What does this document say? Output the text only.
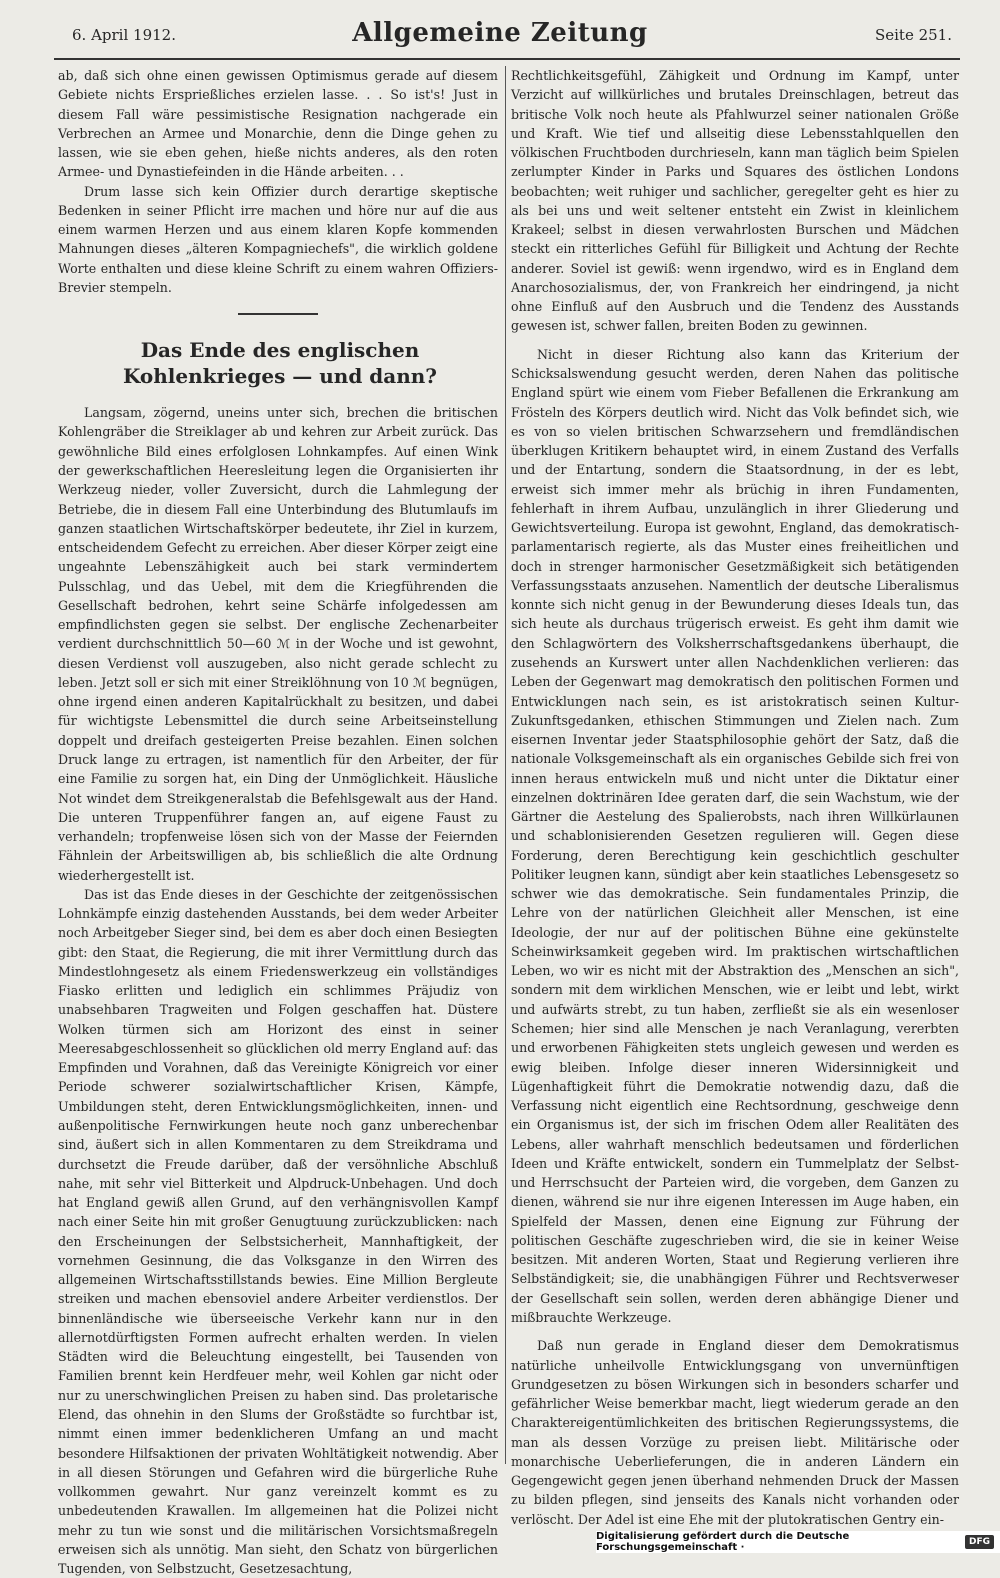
6. April 1912.	Allgemeine Zeitung	Seite 251.

ab, daß sich ohne einen gewissen Optimismus gerade auf diesem Gebiete nichts Ersprießliches erzielen lasse. . . So ist's! Just in diesem Fall wäre pessimistische Resignation nachgerade ein Verbrechen an Armee und Monarchie, denn die Dinge gehen zu lassen, wie sie eben gehen, hieße nichts anderes, als den roten Armee- und Dynastiefeinden in die Hände arbeiten. . .

Drum lasse sich kein Offizier durch derartige skeptische Bedenken in seiner Pflicht irre machen und höre nur auf die aus einem warmen Herzen und aus einem klaren Kopfe kommenden Mahnungen dieses „älteren Kompagniechefs", die wirklich goldene Worte enthalten und diese kleine Schrift zu einem wahren Offiziers-Brevier stempeln.

Das Ende des englischen Kohlenkrieges — und dann?

Langsam, zögernd, uneins unter sich, brechen die britischen Kohlengräber die Streiklager ab und kehren zur Arbeit zurück. Das gewöhnliche Bild eines erfolglosen Lohnkampfes. Auf einen Wink der gewerkschaftlichen Heeresleitung legen die Organisierten ihr Werkzeug nieder, voller Zuversicht, durch die Lahmlegung der Betriebe, die in diesem Fall eine Unterbindung des Blutumlaufs im ganzen staatlichen Wirtschaftskörper bedeutete, ihr Ziel in kurzem, entscheidendem Gefecht zu erreichen. Aber dieser Körper zeigt eine ungeahnte Lebenszähigkeit auch bei stark vermindertem Pulsschlag, und das Uebel, mit dem die Kriegführenden die Gesellschaft bedrohen, kehrt seine Schärfe infolgedessen am empfindlichsten gegen sie selbst. Der englische Zechenarbeiter verdient durchschnittlich 50—60 ℳ in der Woche und ist gewohnt, diesen Verdienst voll auszugeben, also nicht gerade schlecht zu leben. Jetzt soll er sich mit einer Streiklöhnung von 10 ℳ begnügen, ohne irgend einen anderen Kapitalrückhalt zu besitzen, und dabei für wichtigste Lebensmittel die durch seine Arbeitseinstellung doppelt und dreifach gesteigerten Preise bezahlen. Einen solchen Druck lange zu ertragen, ist namentlich für den Arbeiter, der für eine Familie zu sorgen hat, ein Ding der Unmöglichkeit. Häusliche Not windet dem Streikgeneralstab die Befehlsgewalt aus der Hand. Die unteren Truppenführer fangen an, auf eigene Faust zu verhandeln; tropfenweise lösen sich von der Masse der Feiernden Fähnlein der Arbeitswilligen ab, bis schließlich die alte Ordnung wiederhergestellt ist.

Das ist das Ende dieses in der Geschichte der zeitgenössischen Lohnkämpfe einzig dastehenden Ausstands, bei dem weder Arbeiter noch Arbeitgeber Sieger sind, bei dem es aber doch einen Besiegten gibt: den Staat, die Regierung, die mit ihrer Vermittlung durch das Mindestlohngesetz als einem Friedenswerkzeug ein vollständiges Fiasko erlitten und lediglich ein schlimmes Präjudiz von unabsehbaren Tragweiten und Folgen geschaffen hat. Düstere Wolken türmen sich am Horizont des einst in seiner Meeresabgeschlossenheit so glücklichen old merry England auf: das Empfinden und Vorahnen, daß das Vereinigte Königreich vor einer Periode schwerer sozialwirtschaftlicher Krisen, Kämpfe, Umbildungen steht, deren Entwicklungsmöglichkeiten, innen- und außenpolitische Fernwirkungen heute noch ganz unberechenbar sind, äußert sich in allen Kommentaren zu dem Streikdrama und durchsetzt die Freude darüber, daß der versöhnliche Abschluß nahe, mit sehr viel Bitterkeit und Alpdruck-Unbehagen. Und doch hat England gewiß allen Grund, auf den verhängnisvollen Kampf nach einer Seite hin mit großer Genugtuung zurückzublicken: nach den Erscheinungen der Selbstsicherheit, Mannhaftigkeit, der vornehmen Gesinnung, die das Volksganze in den Wirren des allgemeinen Wirtschaftsstillstands bewies. Eine Million Bergleute streiken und machen ebensoviel andere Arbeiter verdienstlos. Der binnenländische wie überseeische Verkehr kann nur in den allernotdürftigsten Formen aufrecht erhalten werden. In vielen Städten wird die Beleuchtung eingestellt, bei Tausenden von Familien brennt kein Herdfeuer mehr, weil Kohlen gar nicht oder nur zu unerschwinglichen Preisen zu haben sind. Das proletarische Elend, das ohnehin in den Slums der Großstädte so furchtbar ist, nimmt einen immer bedenklicheren Umfang an und macht besondere Hilfsaktionen der privaten Wohltätigkeit notwendig. Aber in all diesen Störungen und Gefahren wird die bürgerliche Ruhe vollkommen gewahrt. Nur ganz vereinzelt kommt es zu unbedeutenden Krawallen. Im allgemeinen hat die Polizei nicht mehr zu tun wie sonst und die militärischen Vorsichtsmaßregeln erweisen sich als unnötig. Man sieht, den Schatz von bürgerlichen Tugenden, von Selbstzucht, Gesetzesachtung,

Rechtlichkeitsgefühl, Zähigkeit und Ordnung im Kampf, unter Verzicht auf willkürliches und brutales Dreinschlagen, betreut das britische Volk noch heute als Pfahlwurzel seiner nationalen Größe und Kraft. Wie tief und allseitig diese Lebensstahlquellen den völkischen Fruchtboden durchrieseln, kann man täglich beim Spielen zerlumpter Kinder in Parks und Squares des östlichen Londons beobachten; weit ruhiger und sachlicher, geregelter geht es hier zu als bei uns und weit seltener entsteht ein Zwist in kleinlichem Krakeel; selbst in diesen verwahrlosten Burschen und Mädchen steckt ein ritterliches Gefühl für Billigkeit und Achtung der Rechte anderer. Soviel ist gewiß: wenn irgendwo, wird es in England dem Anarchosozialismus, der, von Frankreich her eindringend, ja nicht ohne Einfluß auf den Ausbruch und die Tendenz des Ausstands gewesen ist, schwer fallen, breiten Boden zu gewinnen.

Nicht in dieser Richtung also kann das Kriterium der Schicksalswendung gesucht werden, deren Nahen das politische England spürt wie einem vom Fieber Befallenen die Erkrankung am Frösteln des Körpers deutlich wird. Nicht das Volk befindet sich, wie es von so vielen britischen Schwarzsehern und fremdländischen überklugen Kritikern behauptet wird, in einem Zustand des Verfalls und der Entartung, sondern die Staatsordnung, in der es lebt, erweist sich immer mehr als brüchig in ihren Fundamenten, fehlerhaft in ihrem Aufbau, unzulänglich in ihrer Gliederung und Gewichtsverteilung. Europa ist gewohnt, England, das demokratisch-parlamentarisch regierte, als das Muster eines freiheitlichen und doch in strenger harmonischer Gesetzmäßigkeit sich betätigenden Verfassungsstaats anzusehen. Namentlich der deutsche Liberalismus konnte sich nicht genug in der Bewunderung dieses Ideals tun, das sich heute als durchaus trügerisch erweist. Es geht ihm damit wie den Schlagwörtern des Volksherrschaftsgedankens überhaupt, die zusehends an Kurswert unter allen Nachdenklichen verlieren: das Leben der Gegenwart mag demokratisch den politischen Formen und Entwicklungen nach sein, es ist aristokratisch seinen Kultur-Zukunftsgedanken, ethischen Stimmungen und Zielen nach. Zum eisernen Inventar jeder Staatsphilosophie gehört der Satz, daß die nationale Volksgemeinschaft als ein organisches Gebilde sich frei von innen heraus entwickeln muß und nicht unter die Diktatur einer einzelnen doktrinären Idee geraten darf, die sein Wachstum, wie der Gärtner die Aestelung des Spalierobsts, nach ihren Willkürlaunen und schablonisierenden Gesetzen regulieren will. Gegen diese Forderung, deren Berechtigung kein geschichtlich geschulter Politiker leugnen kann, sündigt aber kein staatliches Lebensgesetz so schwer wie das demokratische. Sein fundamentales Prinzip, die Lehre von der natürlichen Gleichheit aller Menschen, ist eine Ideologie, der nur auf der politischen Bühne eine gekünstelte Scheinwirksamkeit gegeben wird. Im praktischen wirtschaftlichen Leben, wo wir es nicht mit der Abstraktion des „Menschen an sich", sondern mit dem wirklichen Menschen, wie er leibt und lebt, wirkt und aufwärts strebt, zu tun haben, zerfließt sie als ein wesenloser Schemen; hier sind alle Menschen je nach Veranlagung, vererbten und erworbenen Fähigkeiten stets ungleich gewesen und werden es ewig bleiben. Infolge dieser inneren Widersinnigkeit und Lügenhaftigkeit führt die Demokratie notwendig dazu, daß die Verfassung nicht eigentlich eine Rechtsordnung, geschweige denn ein Organismus ist, der sich im frischen Odem aller Realitäten des Lebens, aller wahrhaft menschlich bedeutsamen und förderlichen Ideen und Kräfte entwickelt, sondern ein Tummelplatz der Selbst- und Herrschsucht der Parteien wird, die vorgeben, dem Ganzen zu dienen, während sie nur ihre eigenen Interessen im Auge haben, ein Spielfeld der Massen, denen eine Eignung zur Führung der politischen Geschäfte zugeschrieben wird, die sie in keiner Weise besitzen. Mit anderen Worten, Staat und Regierung verlieren ihre Selbständigkeit; sie, die unabhängigen Führer und Rechtsverweser der Gesellschaft sein sollen, werden deren abhängige Diener und mißbrauchte Werkzeuge.

Daß nun gerade in England dieser dem Demokratismus natürliche unheilvolle Entwicklungsgang von unvernünftigen Grundgesetzen zu bösen Wirkungen sich in besonders scharfer und gefährlicher Weise bemerkbar macht, liegt wiederum gerade an den Charaktereigentümlichkeiten des britischen Regierungssystems, die man als dessen Vorzüge zu preisen liebt. Militärische oder monarchische Ueberlieferungen, die in anderen Ländern ein Gegengewicht gegen jenen überhand nehmenden Druck der Massen zu bilden pflegen, sind jenseits des Kanals nicht vorhanden oder verlöscht. Der Adel ist eine Ehe mit der plutokratischen Gentry ein-

Digitalisierung gefördert durch die Deutsche Forschungsgemeinschaft ·	DFG
